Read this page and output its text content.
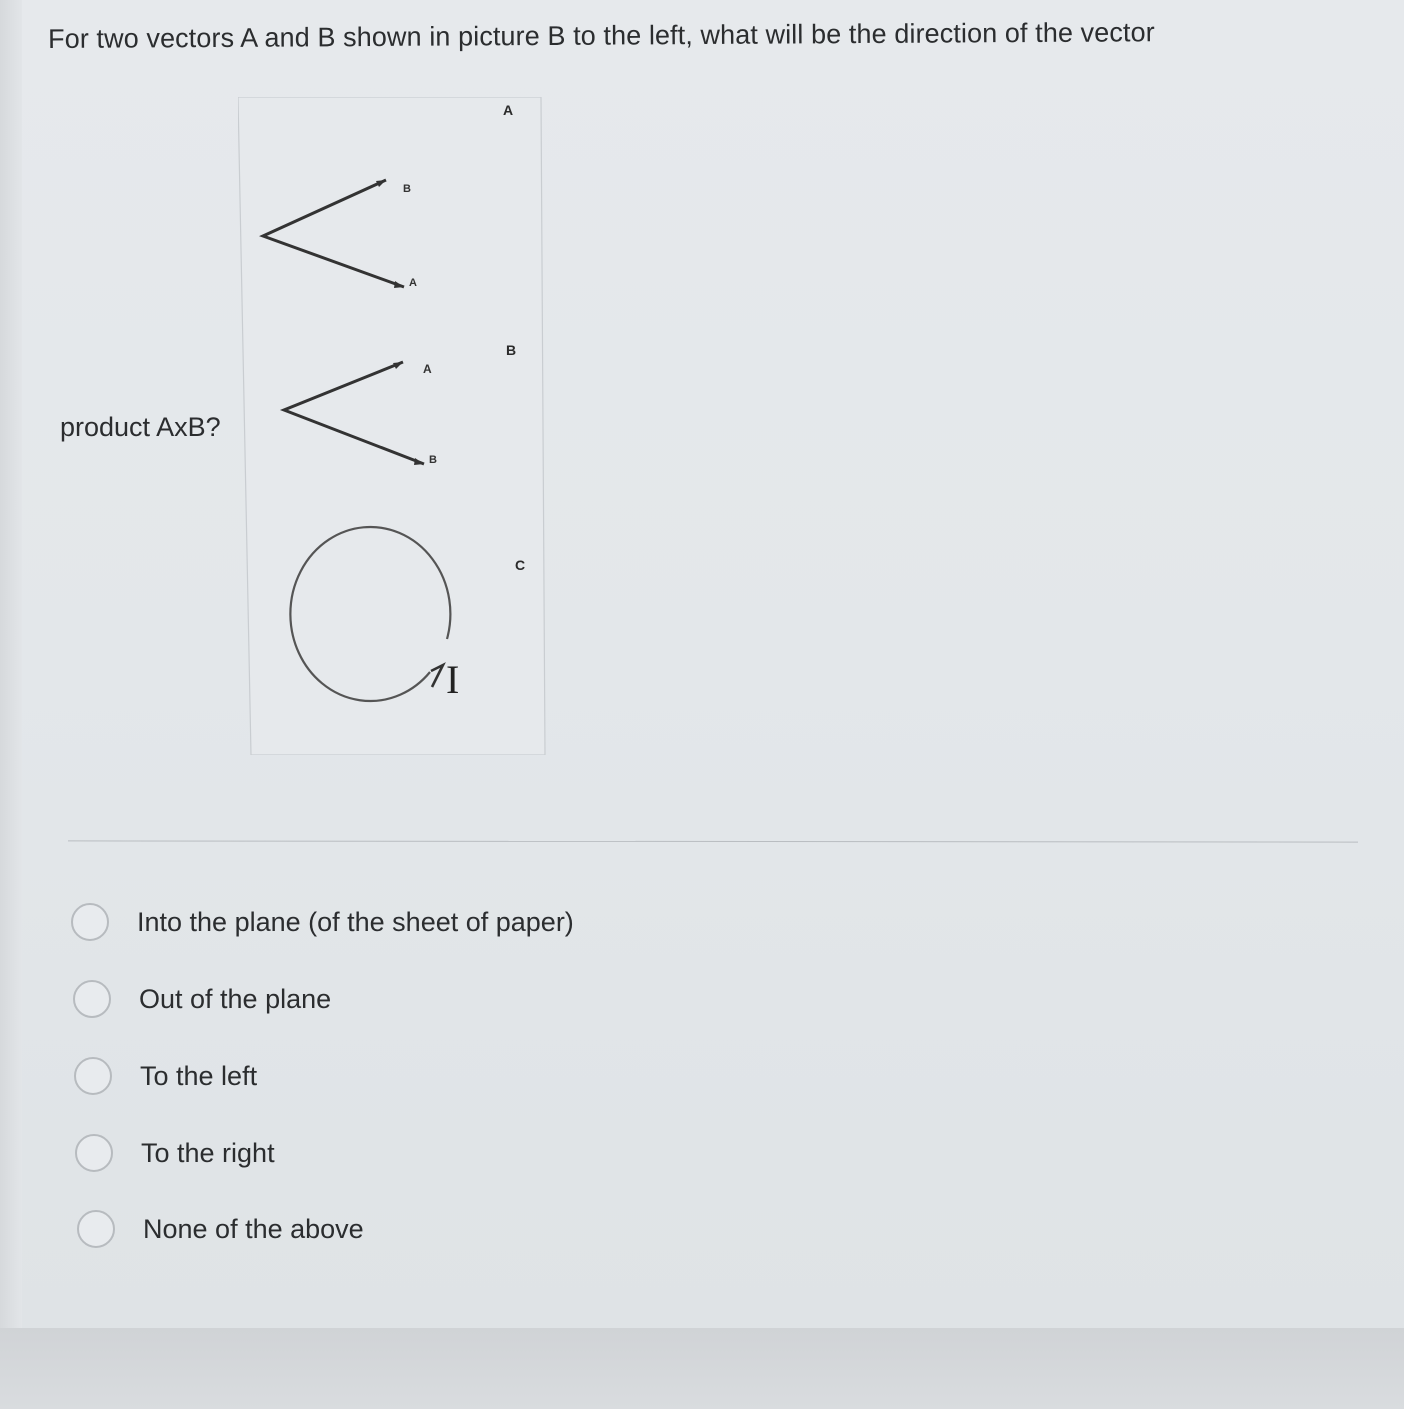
For two vectors A and B shown in picture B to the left, what will be the direction of the vector
product AxB?
A
B
A
B
A
B
C
I
Into the plane (of the sheet of paper)
Out of the plane
To the left
To the right
None of the above
